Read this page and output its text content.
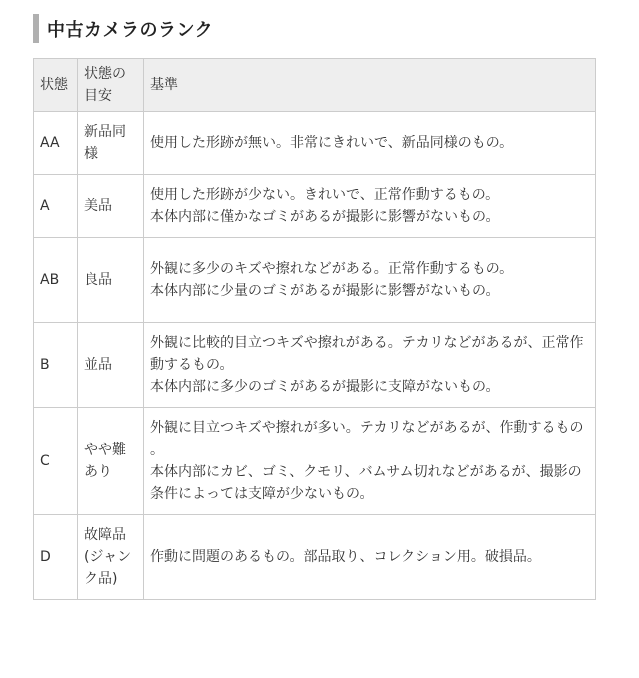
中古カメラのランク
状態	状態の目安	基準
AA	新品同様	使用した形跡が無い。非常にきれいで、新品同様のもの。

A	美品	使用した形跡が少ない。きれいで、正常作動するもの。
本体内部に僅かなゴミがあるが撮影に影響がないもの。

AB	良品	外観に多少のキズや擦れなどがある。正常作動するもの。
本体内部に少量のゴミがあるが撮影に影響がないもの。

B	並品	外観に比較的目立つキズや擦れがある。テカリなどがあるが、正常作動するもの。
本体内部に多少のゴミがあるが撮影に支障がないもの。

C	やや難あり	外観に目立つキズや擦れが多い。テカリなどがあるが、作動するもの 。
本体内部にカビ、ゴミ、クモリ、バムサム切れなどがあるが、撮影の条件によっては支障が少ないもの。

D	故障品(ジャンク品)	作動に問題のあるもの。部品取り、コレクション用。破損品。
